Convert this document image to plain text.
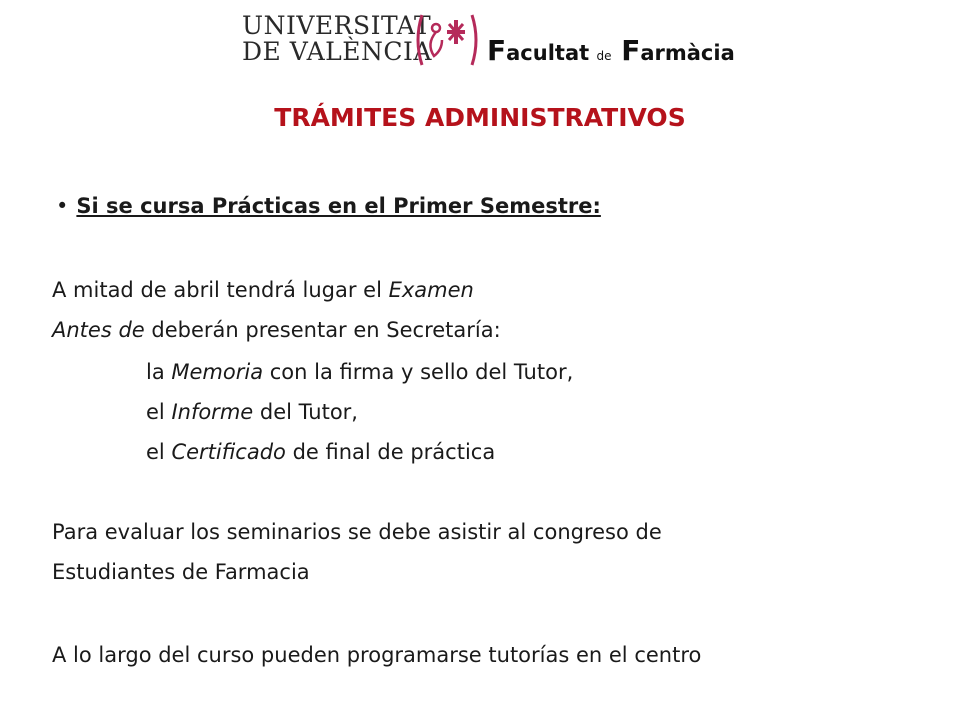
UNIVERSITAT
DE VALÈNCIA Facultat de Farmàcia
TRÁMITES ADMINISTRATIVOS
• Si se cursa Prácticas en el Primer Semestre:
A mitad de abril tendrá lugar el Examen
Antes de deberán presentar en Secretaría:
la Memoria con la firma y sello del Tutor,
el Informe del Tutor,
el Certificado de final de práctica
Para evaluar los seminarios se debe asistir al congreso de
Estudiantes de Farmacia
A lo largo del curso pueden programarse tutorías en el centro
